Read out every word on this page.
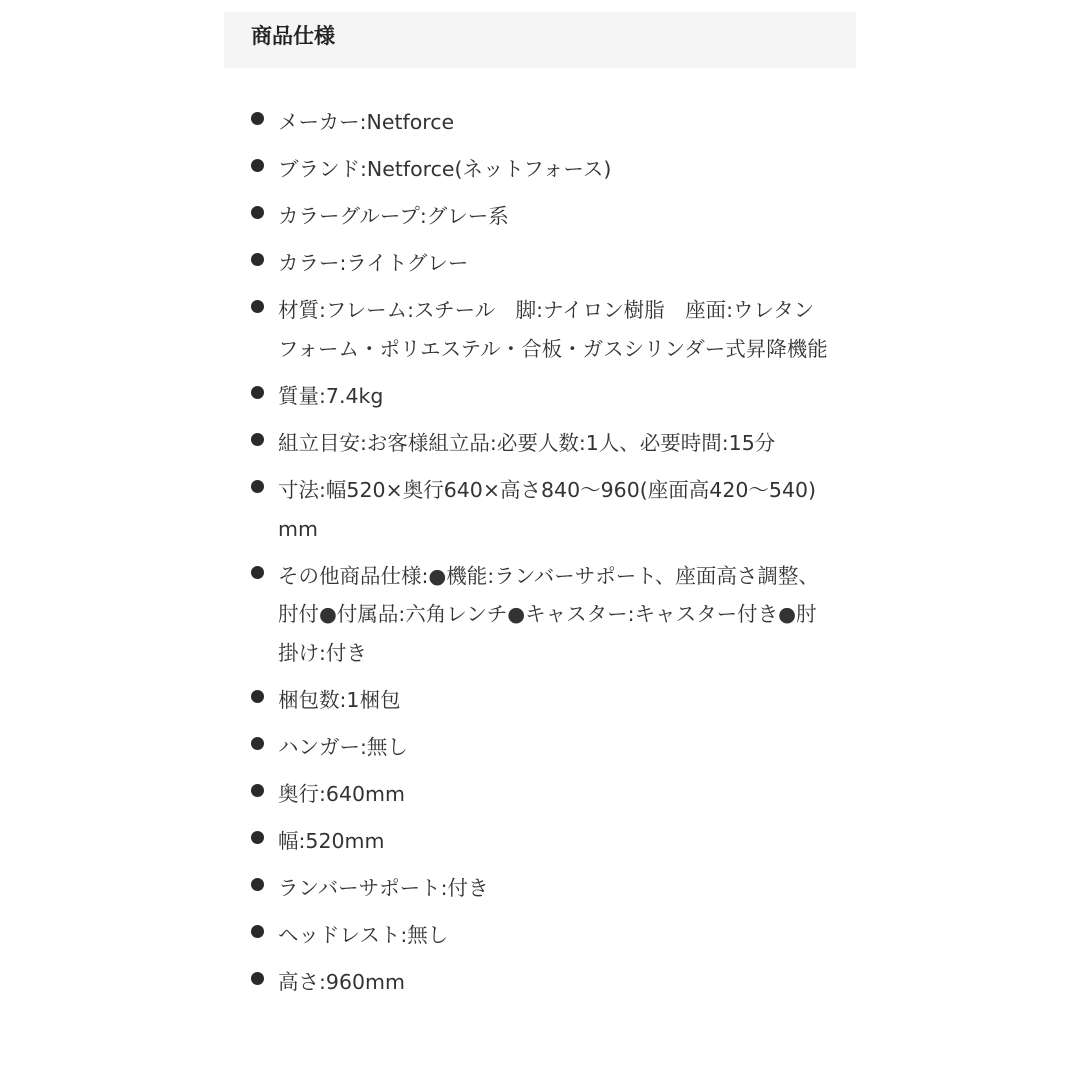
商品仕様
メーカー:Netforce
ブランド:Netforce(ネットフォース)
カラーグループ:グレー系
カラー:ライトグレー
材質:フレーム:スチール　脚:ナイロン樹脂　座面:ウレタンフォーム・ポリエステル・合板・ガスシリンダー式昇降機能
質量:7.4kg
組立目安:お客様組立品:必要人数:1人、必要時間:15分
寸法:幅520×奥行640×高さ840〜960(座面高420〜540)mm
その他商品仕様:●機能:ランバーサポート、座面高さ調整、肘付●付属品:六角レンチ●キャスター:キャスター付き●肘掛け:付き
梱包数:1梱包
ハンガー:無し
奥行:640mm
幅:520mm
ランバーサポート:付き
ヘッドレスト:無し
高さ:960mm
